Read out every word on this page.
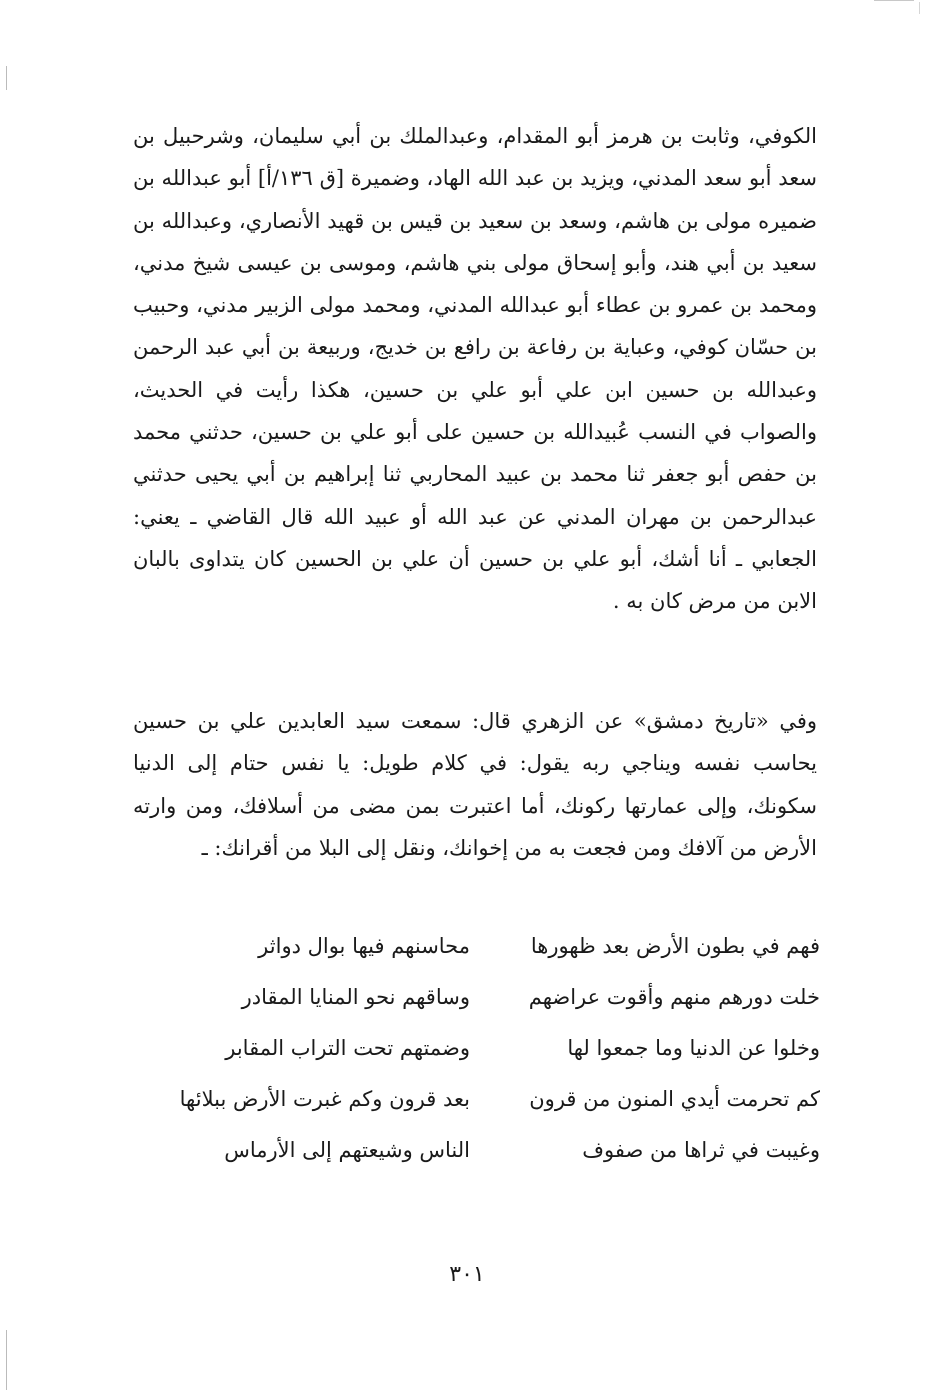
الكوفي، وثابت بن هرمز أبو المقدام، وعبدالملك بن أبي سليمان، وشرحبيل بن سعد أبو سعد المدني، ويزيد بن عبد الله الهاد، وضميرة [ق ١٣٦/أ] أبو عبدالله بن ضميره مولى بن هاشم، وسعد بن سعيد بن قيس بن قهيد الأنصاري، وعبدالله بن سعيد بن أبي هند، وأبو إسحاق مولى بني هاشم، وموسى بن عيسى شيخ مدني، ومحمد بن عمرو بن عطاء أبو عبدالله المدني، ومحمد مولى الزبير مدني، وحبيب بن حسّان كوفي، وعباية بن رفاعة بن رافع بن خديج، وربيعة بن أبي عبد الرحمن وعبدالله بن حسين ابن علي أبو علي بن حسين، هكذا رأيت في الحديث، والصواب في النسب عُبيدالله بن حسين على أبو علي بن حسين، حدثني محمد بن حفص أبو جعفر ثنا محمد بن عبيد المحاربي ثنا إبراهيم بن أبي يحيى حدثني عبدالرحمن بن مهران المدني عن عبد الله أو عبيد الله قال القاضي ـ يعني: الجعابي ـ أنا أشك، أبو علي بن حسين أن علي بن الحسين كان يتداوى بالبان الابن من مرض كان به .

وفي «تاريخ دمشق» عن الزهري قال: سمعت سيد العابدين علي بن حسين يحاسب نفسه ويناجي ربه يقول: في كلام طويل: يا نفس حتام إلى الدنيا سكونك، وإلى عمارتها ركونك، أما اعتبرت بمن مضى من أسلافك، ومن وارته الأرض من آلافك ومن فجعت به من إخوانك، ونقل إلى البلا من أقرانك: ـ

فهم في بطون الأرض بعد ظهورها
محاسنهم فيها بوال دواثر
خلت دورهم منهم وأقوت عراضهم
وساقهم نحو المنايا المقادر
وخلوا عن الدنيا وما جمعوا لها
وضمتهم تحت التراب المقابر
كم تحرمت أيدي المنون من قرون
بعد قرون وكم غبرت الأرض ببلائها
وغيبت في ثراها من صفوف
الناس وشيعتهم إلى الأرماس
٣٠١
